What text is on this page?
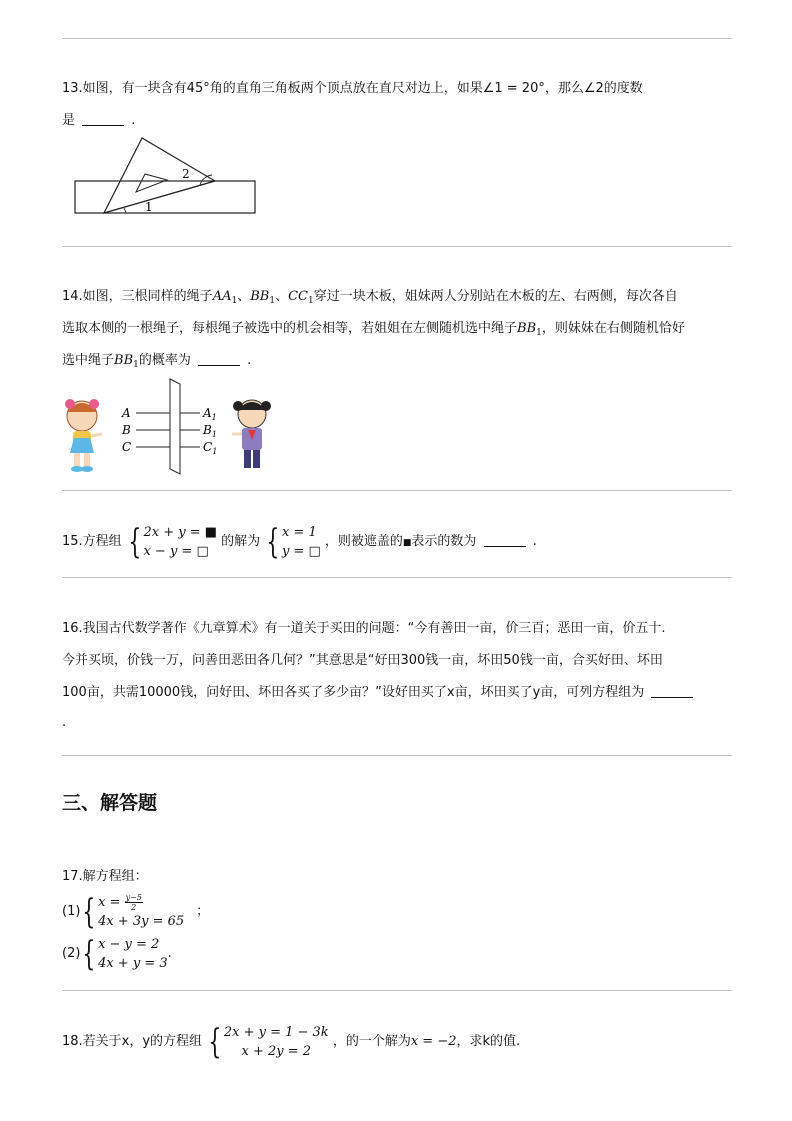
13.如图，有一块含有45°角的直角三角板两个顶点放在直尺对边上，如果∠1 = 20°，那么∠2的度数
是	.
2
1
14.如图，三根同样的绳子$AA_1$、$BB_1$、$CC_1$穿过一块木板，姐妹两人分别站在木板的左、右两侧，每次各自
选取本侧的一根绳子，每根绳子被选中的机会相等，若姐姐在左侧随机选中绳子$BB_1$，则妹妹在右侧随机恰好
选中绳子$BB_1$的概率为	.
A
B
C
$A_1$
$B_1$
$C_1$
15.方程组 { 2x + y = ■
x − y = □
的解为 { x = 1
y = □
，则被遮盖的■表示的数为	.
16.我国古代数学著作《九章算术》有一道关于买田的问题：“今有善田一亩，价三百；恶田一亩，价五十.
今并买顷，价钱一万，问善田恶田各几何？”其意思是“好田300钱一亩，坏田50钱一亩，合买好田、坏田
100亩，共需10000钱，问好田、坏田各买了多少亩？”设好田买了x亩，坏田买了y亩，可列方程组为
.
三、解答题
17.解方程组：
(1){ $x = \frac{y-5}{2}$
4x + 3y = 65
；
(2){ x − y = 2
4x + y = 3
.
18.若关于x，y的方程组 { 2x + y = 1 − 3k
x + 2y = 2
，的一个解为x = −2，求k的值.
